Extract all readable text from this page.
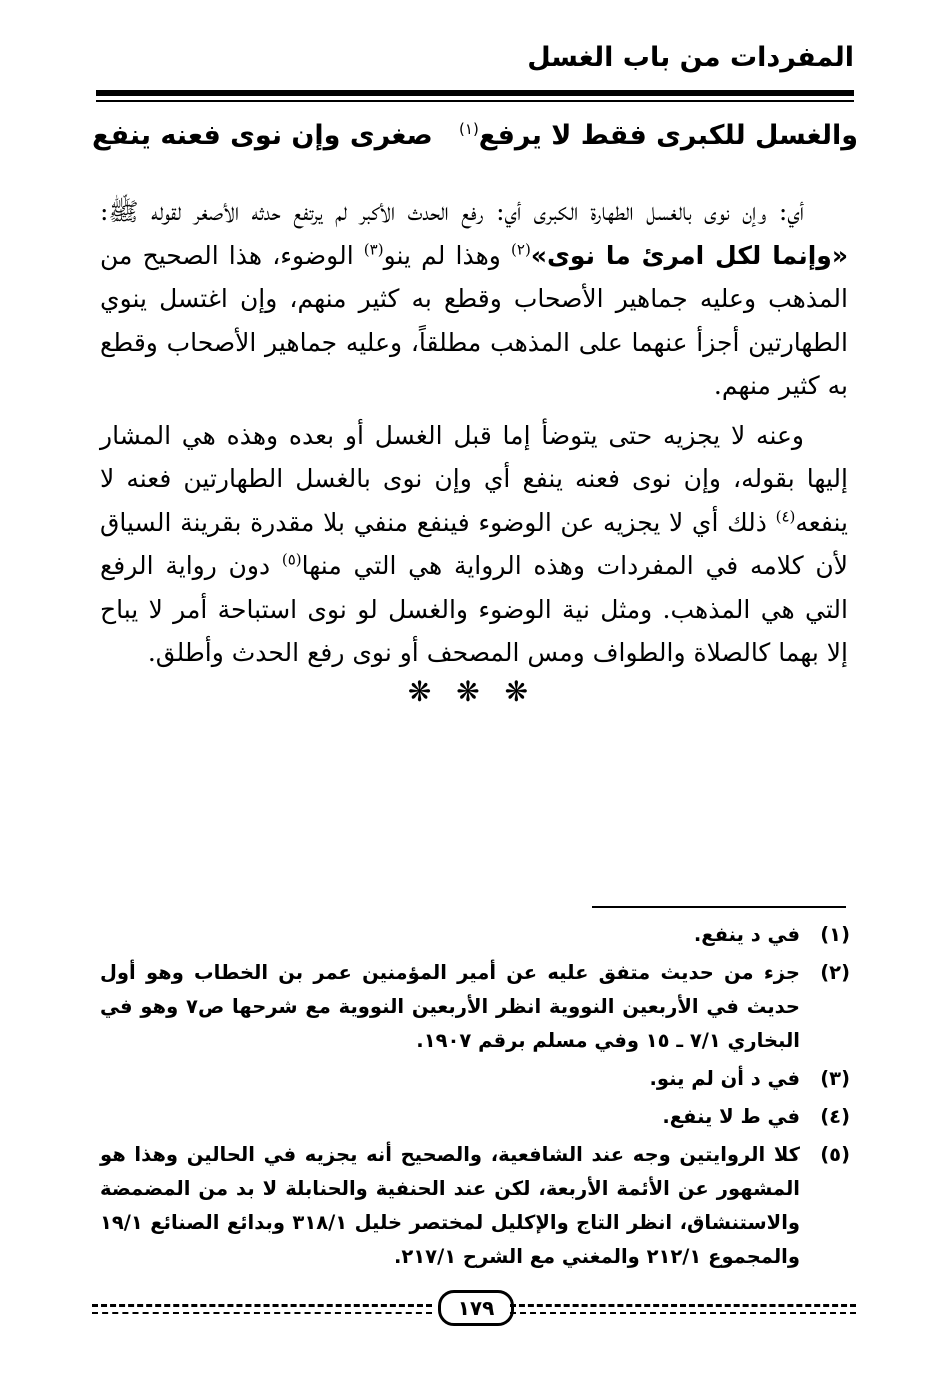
المفردات من باب الغسل
والغسل للكبرى فقط لا يرفع$^{(١)}$
صغرى وإن نوى فعنه ينفع

أي: وإن نوى بالغسل الطهارة الكبرى أي: رفع الحدث الأكبر لم يرتفع حدثه الأصغر لقوله ﷺ: «وإنما لكل امرئ ما نوى»$^{(٢)}$ وهذا لم ينو$^{(٣)}$ الوضوء، هذا الصحيح من المذهب وعليه جماهير الأصحاب وقطع به كثير منهم، وإن اغتسل ينوي الطهارتين أجزأ عنهما على المذهب مطلقاً، وعليه جماهير الأصحاب وقطع به كثير منهم.

وعنه لا يجزيه حتى يتوضأ إما قبل الغسل أو بعده وهذه هي المشار إليها بقوله، وإن نوى فعنه ينفع أي وإن نوى بالغسل الطهارتين فعنه لا ينفعه$^{(٤)}$ ذلك أي لا يجزيه عن الوضوء فينفع منفي بلا مقدرة بقرينة السياق لأن كلامه في المفردات وهذه الرواية هي التي منها$^{(٥)}$ دون رواية الرفع التي هي المذهب. ومثل نية الوضوء والغسل لو نوى استباحة أمر لا يباح إلا بهما كالصلاة والطواف ومس المصحف أو نوى رفع الحدث وأطلق.

❋ ❋ ❋
(١)
في د ينفع.
(٢)
جزء من حديث متفق عليه عن أمير المؤمنين عمر بن الخطاب وهو أول حديث في الأربعين النووية انظر الأربعين النووية مع شرحها ص٧ وهو في البخاري ٧/١ ـ ١٥ وفي مسلم برقم ١٩٠٧.
(٣)
في د أن لم ينو.
(٤)
في ط لا ينفع.
(٥)
كلا الروايتين وجه عند الشافعية، والصحيح أنه يجزيه في الحالين وهذا هو المشهور عن الأئمة الأربعة، لكن عند الحنفية والحنابلة لا بد من المضمضة والاستنشاق، انظر التاج والإكليل لمختصر خليل ٣١٨/١ وبدائع الصنائع ١٩/١ والمجموع ٢١٢/١ والمغني مع الشرح ٢١٧/١.
١٧٩
